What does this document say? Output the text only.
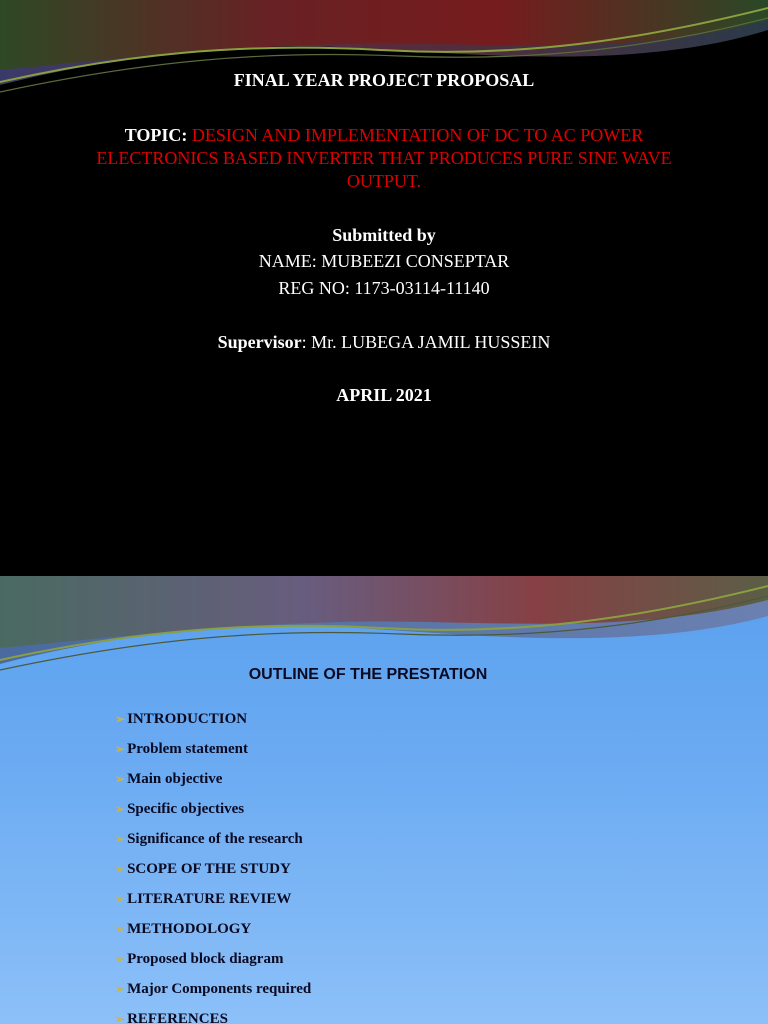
FINAL YEAR PROJECT PROPOSAL
TOPIC: DESIGN AND IMPLEMENTATION OF DC TO AC POWER ELECTRONICS BASED INVERTER THAT PRODUCES PURE SINE WAVE OUTPUT.
Submitted by
NAME: MUBEEZI CONSEPTAR
REG NO: 1173-03114-11140
Supervisor: Mr. LUBEGA JAMIL HUSSEIN
APRIL 2021
OUTLINE OF THE PRESTATION
➢ INTRODUCTION
➢ Problem statement
➢ Main objective
➢ Specific objectives
➢ Significance of the research
➢ SCOPE OF THE STUDY
➢ LITERATURE REVIEW
➢ METHODOLOGY
➢ Proposed block diagram
➢ Major Components required
➢ REFERENCES
